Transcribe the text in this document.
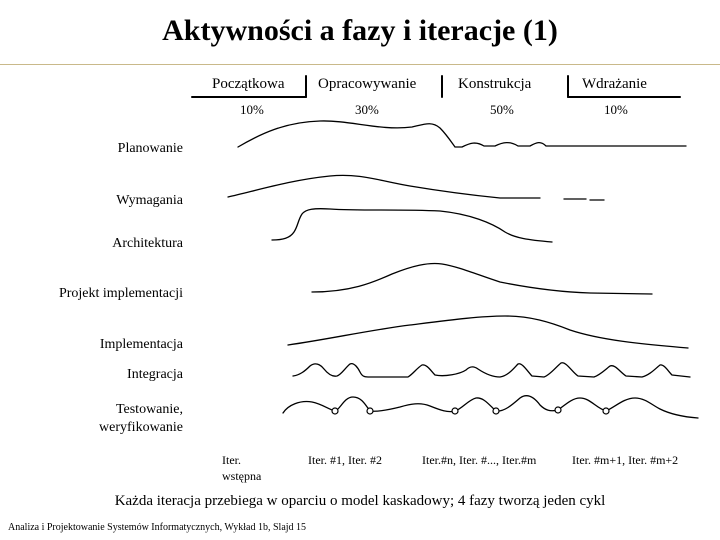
Aktywności a fazy i iteracje (1)
Początkowa Opracowywanie	Konstrukcja	Wdrażanie
10%	30%	50%	10%
Planowanie
Wymagania
Architektura
Projekt implementacji
Implementacja
Integracja
Testowanie,
weryfikowanie
Iter.
wstępna
Iter. #1, Iter. #2	Iter.#n, Iter. #..., Iter.#m	Iter. #m+1, Iter. #m+2
Każda iteracja przebiega w oparciu o model kaskadowy; 4 fazy tworzą jeden cykl
Analiza i Projektowanie Systemów Informatycznych, Wykład 1b, Slajd 15
